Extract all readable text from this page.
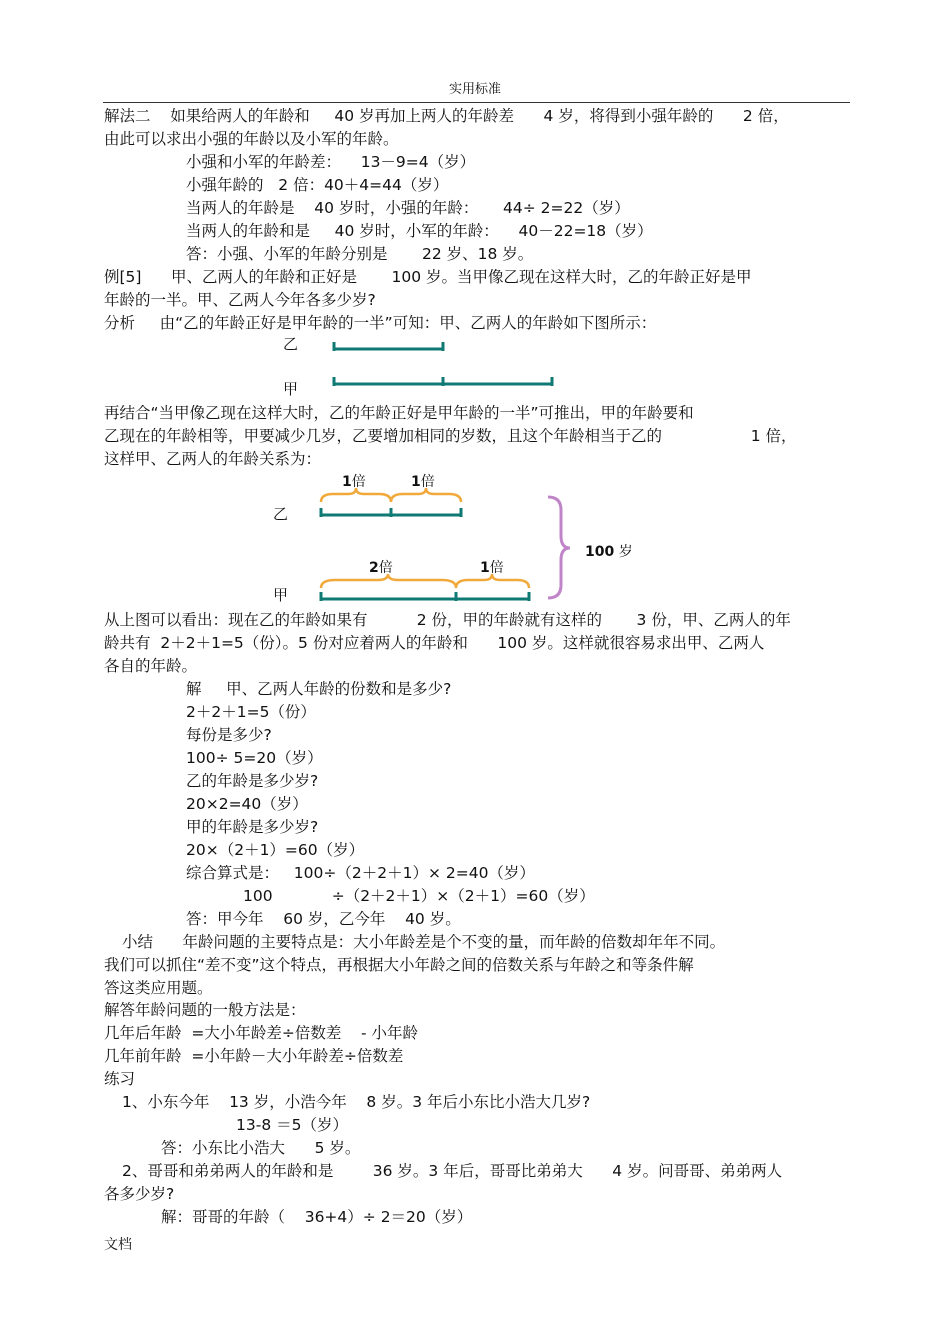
实用标准
解法二    如果给两人的年龄和     40 岁再加上两人的年龄差      4 岁，将得到小强年龄的      2 倍，
由此可以求出小强的年龄以及小军的年龄。
小强和小军的年龄差：    13－9=4（岁）
小强年龄的   2 倍：40＋4=44（岁）
当两人的年龄是    40 岁时，小强的年龄：     44÷ 2=22（岁）
当两人的年龄和是     40 岁时，小军的年龄：    40－22=18（岁）
答：小强、小军的年龄分别是       22 岁、18 岁。
例[5]      甲、乙两人的年龄和正好是       100 岁。当甲像乙现在这样大时，乙的年龄正好是甲
年龄的一半。甲、乙两人今年各多少岁?
分析     由“乙的年龄正好是甲年龄的一半”可知：甲、乙两人的年龄如下图所示：
乙
甲
再结合“当甲像乙现在这样大时，乙的年龄正好是甲年龄的一半”可推出，甲的年龄要和
乙现在的年龄相等，甲要减少几岁，乙要增加相同的岁数，且这个年龄相当于乙的                  1 倍，
这样甲、乙两人的年龄关系为：
1倍	1倍
乙
100 岁
2倍	1倍
甲
从上图可以看出：现在乙的年龄如果有          2 份，甲的年龄就有这样的       3 份，甲、乙两人的年
龄共有  2＋2＋1=5（份）。5 份对应着两人的年龄和      100 岁。这样就很容易求出甲、乙两人
各自的年龄。
解     甲、乙两人年龄的份数和是多少?
2＋2＋1=5（份）
每份是多少?
100÷ 5=20（岁）
乙的年龄是多少岁?
20×2=40（岁）
甲的年龄是多少岁?
20×（2＋1）=60（岁）
综合算式是：   100÷（2＋2＋1）× 2=40（岁）
100            ÷（2＋2＋1）×（2＋1）=60（岁）
答：甲今年    60 岁，乙今年    40 岁。
小结      年龄问题的主要特点是：大小年龄差是个不变的量，而年龄的倍数却年年不同。
我们可以抓住“差不变”这个特点，再根据大小年龄之间的倍数关系与年龄之和等条件解
答这类应用题。
解答年龄问题的一般方法是：
几年后年龄  =大小年龄差÷倍数差    - 小年龄
几年前年龄  =小年龄－大小年龄差÷倍数差
练习
1、小东今年    13 岁，小浩今年    8 岁。3 年后小东比小浩大几岁?
13-8 ＝5（岁）
答：小东比小浩大      5 岁。
2、哥哥和弟弟两人的年龄和是        36 岁。3 年后，哥哥比弟弟大      4 岁。问哥哥、弟弟两人
各多少岁?
解：哥哥的年龄（    36+4）÷ 2＝20（岁）
文档
